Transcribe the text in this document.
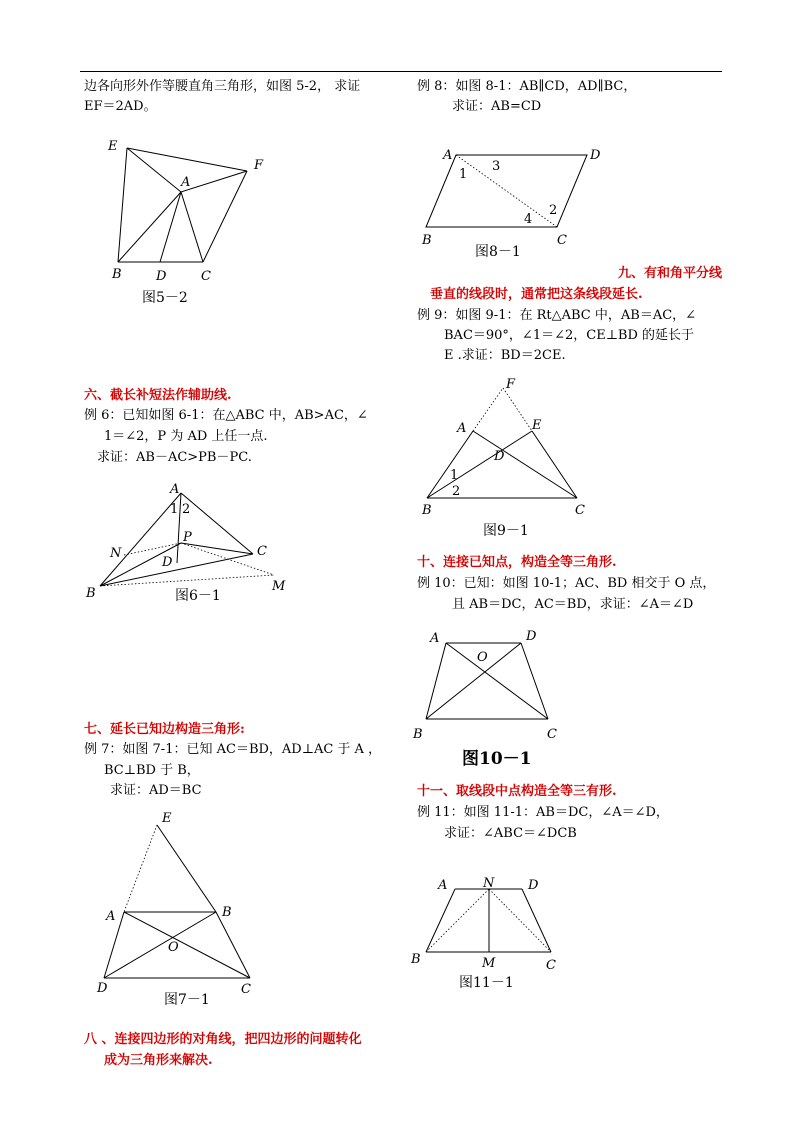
边各向形外作等腰直角三角形，如图 5-2， 求证
EF＝2AD。
六、截长补短法作辅助线.
例 6：已知如图 6-1：在△ABC 中，AB>AC，∠
1＝∠2，P 为 AD 上任一点.
求证：AB－AC>PB－PC.
七、延长已知边构造三角形:
例 7：如图 7-1：已知 AC＝BD，AD⊥AC 于 A ，
BC⊥BD 于 B，
求证：AD＝BC
八 、连接四边形的对角线，把四边形的问题转化
成为三角形来解决.
例 8：如图 8-1：AB∥CD，AD∥BC，
求证：AB=CD
九、有和角平分线
垂直的线段时，通常把这条线段延长.
例 9：如图 9-1：在 Rt△ABC 中，AB＝AC，∠
BAC＝90°，∠1＝∠2，CE⊥BD 的延长于
E .求证：BD＝2CE.
十、连接已知点，构造全等三角形.
例 10：已知：如图 10-1；AC、BD 相交于 O 点，
且 AB＝DC，AC＝BD，求证：∠A＝∠D
十一、取线段中点构造全等三有形.
例 11：如图 11-1：AB＝DC，∠A＝∠D，
求证：∠ABC＝∠DCB
E
F
A
B	D	C
图5－2
1 2
A
P
N
D
C
B	M
图6－1
E
A	B
O
D	C
图7－1
A	D
3
1
2
4
B	C
图8－1
F
A	E
D
1
2
B	C
图9－1
A	D
O
B	C
图10－1
A	N	D
B	M	C
图11－1
